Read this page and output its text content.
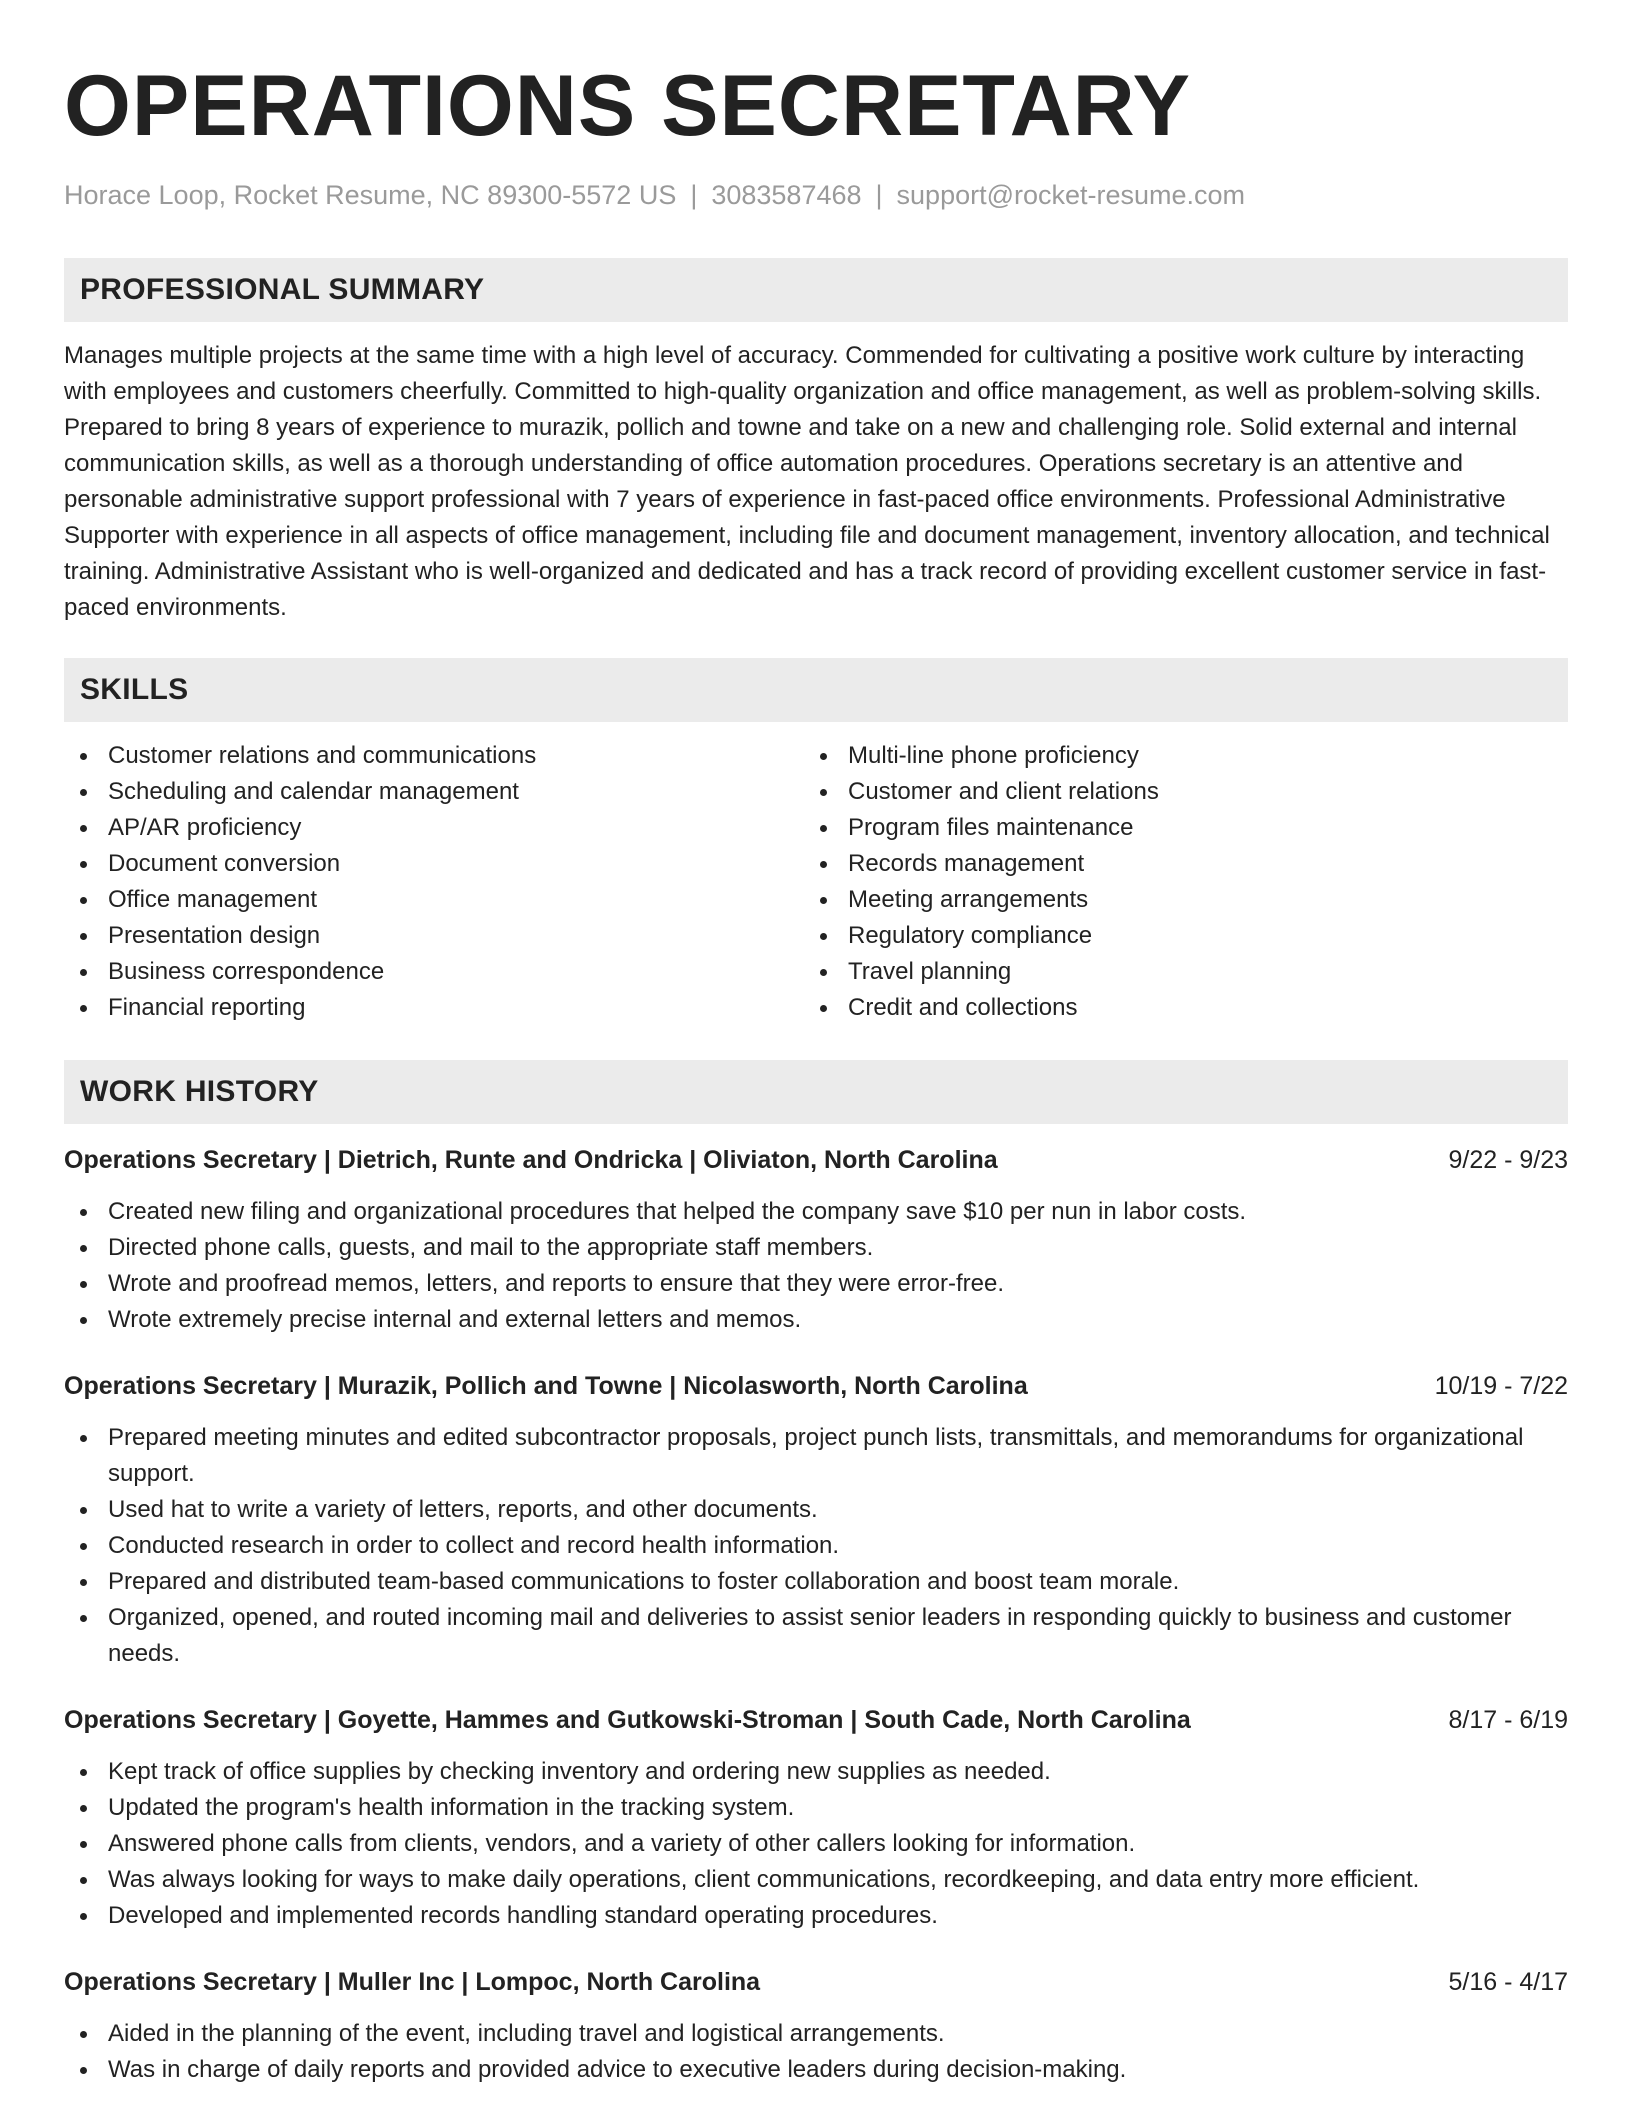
OPERATIONS SECRETARY
Horace Loop, Rocket Resume, NC 89300-5572 US | 3083587468 | support@rocket-resume.com
PROFESSIONAL SUMMARY
Manages multiple projects at the same time with a high level of accuracy. Commended for cultivating a positive work culture by interacting with employees and customers cheerfully. Committed to high-quality organization and office management, as well as problem-solving skills. Prepared to bring 8 years of experience to murazik, pollich and towne and take on a new and challenging role. Solid external and internal communication skills, as well as a thorough understanding of office automation procedures. Operations secretary is an attentive and personable administrative support professional with 7 years of experience in fast-paced office environments. Professional Administrative Supporter with experience in all aspects of office management, including file and document management, inventory allocation, and technical training. Administrative Assistant who is well-organized and dedicated and has a track record of providing excellent customer service in fast-paced environments.
SKILLS
Customer relations and communications
Scheduling and calendar management
AP/AR proficiency
Document conversion
Office management
Presentation design
Business correspondence
Financial reporting
Multi-line phone proficiency
Customer and client relations
Program files maintenance
Records management
Meeting arrangements
Regulatory compliance
Travel planning
Credit and collections
WORK HISTORY
Operations Secretary | Dietrich, Runte and Ondricka | Oliviaton, North Carolina	9/22 - 9/23
Created new filing and organizational procedures that helped the company save $10 per nun in labor costs.
Directed phone calls, guests, and mail to the appropriate staff members.
Wrote and proofread memos, letters, and reports to ensure that they were error-free.
Wrote extremely precise internal and external letters and memos.
Operations Secretary | Murazik, Pollich and Towne | Nicolasworth, North Carolina	10/19 - 7/22
Prepared meeting minutes and edited subcontractor proposals, project punch lists, transmittals, and memorandums for organizational support.
Used hat to write a variety of letters, reports, and other documents.
Conducted research in order to collect and record health information.
Prepared and distributed team-based communications to foster collaboration and boost team morale.
Organized, opened, and routed incoming mail and deliveries to assist senior leaders in responding quickly to business and customer needs.
Operations Secretary | Goyette, Hammes and Gutkowski-Stroman | South Cade, North Carolina	8/17 - 6/19
Kept track of office supplies by checking inventory and ordering new supplies as needed.
Updated the program's health information in the tracking system.
Answered phone calls from clients, vendors, and a variety of other callers looking for information.
Was always looking for ways to make daily operations, client communications, recordkeeping, and data entry more efficient.
Developed and implemented records handling standard operating procedures.
Operations Secretary | Muller Inc | Lompoc, North Carolina	5/16 - 4/17
Aided in the planning of the event, including travel and logistical arrangements.
Was in charge of daily reports and provided advice to executive leaders during decision-making.
